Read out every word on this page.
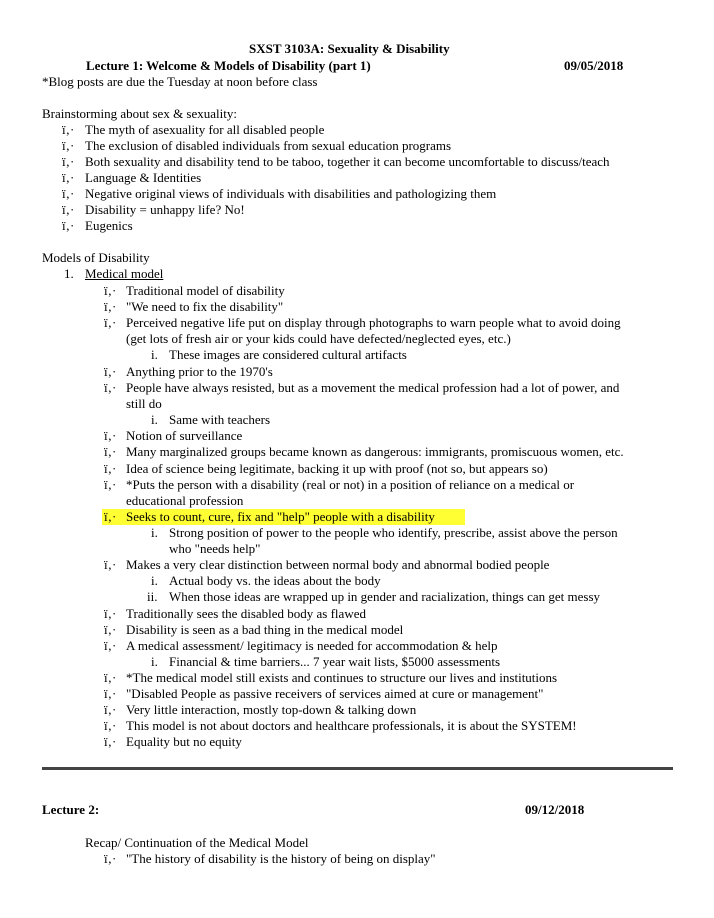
SXST 3103A: Sexuality & Disability
Lecture 1: Welcome & Models of Disability (part 1)	09/05/2018
*Blog posts are due the Tuesday at noon before class
Brainstorming about sex & sexuality:
ï‚· The myth of asexuality for all disabled people
ï‚· The exclusion of disabled individuals from sexual education programs
ï‚· Both sexuality and disability tend to be taboo, together it can become uncomfortable to discuss/teach
ï‚· Language & Identities
ï‚· Negative original views of individuals with disabilities and pathologizing them
ï‚· Disability = unhappy life? No!
ï‚· Eugenics
Models of Disability
1. Medical model
ï‚· Traditional model of disability
ï‚· "We need to fix the disability"
ï‚· Perceived negative life put on display through photographs to warn people what to avoid doing
(get lots of fresh air or your kids could have defected/neglected eyes, etc.)
i. These images are considered cultural artifacts
ï‚· Anything prior to the 1970's
ï‚· People have always resisted, but as a movement the medical profession had a lot of power, and
still do
i. Same with teachers
ï‚· Notion of surveillance
ï‚· Many marginalized groups became known as dangerous: immigrants, promiscuous women, etc.
ï‚· Idea of science being legitimate, backing it up with proof (not so, but appears so)
ï‚· *Puts the person with a disability (real or not) in a position of reliance on a medical or
educational profession
ï‚· Seeks to count, cure, fix and "help" people with a disability
i. Strong position of power to the people who identify, prescribe, assist above the person
who "needs help"
ï‚· Makes a very clear distinction between normal body and abnormal bodied people
i. Actual body vs. the ideas about the body
ii. When those ideas are wrapped up in gender and racialization, things can get messy
ï‚· Traditionally sees the disabled body as flawed
ï‚· Disability is seen as a bad thing in the medical model
ï‚· A medical assessment/ legitimacy is needed for accommodation & help
i. Financial & time barriers... 7 year wait lists, $5000 assessments
ï‚· *The medical model still exists and continues to structure our lives and institutions
ï‚· "Disabled People as passive receivers of services aimed at cure or management"
ï‚· Very little interaction, mostly top-down & talking down
ï‚· This model is not about doctors and healthcare professionals, it is about the SYSTEM!
ï‚· Equality but no equity
Lecture 2:	09/12/2018
Recap/ Continuation of the Medical Model
ï‚· "The history of disability is the history of being on display"
